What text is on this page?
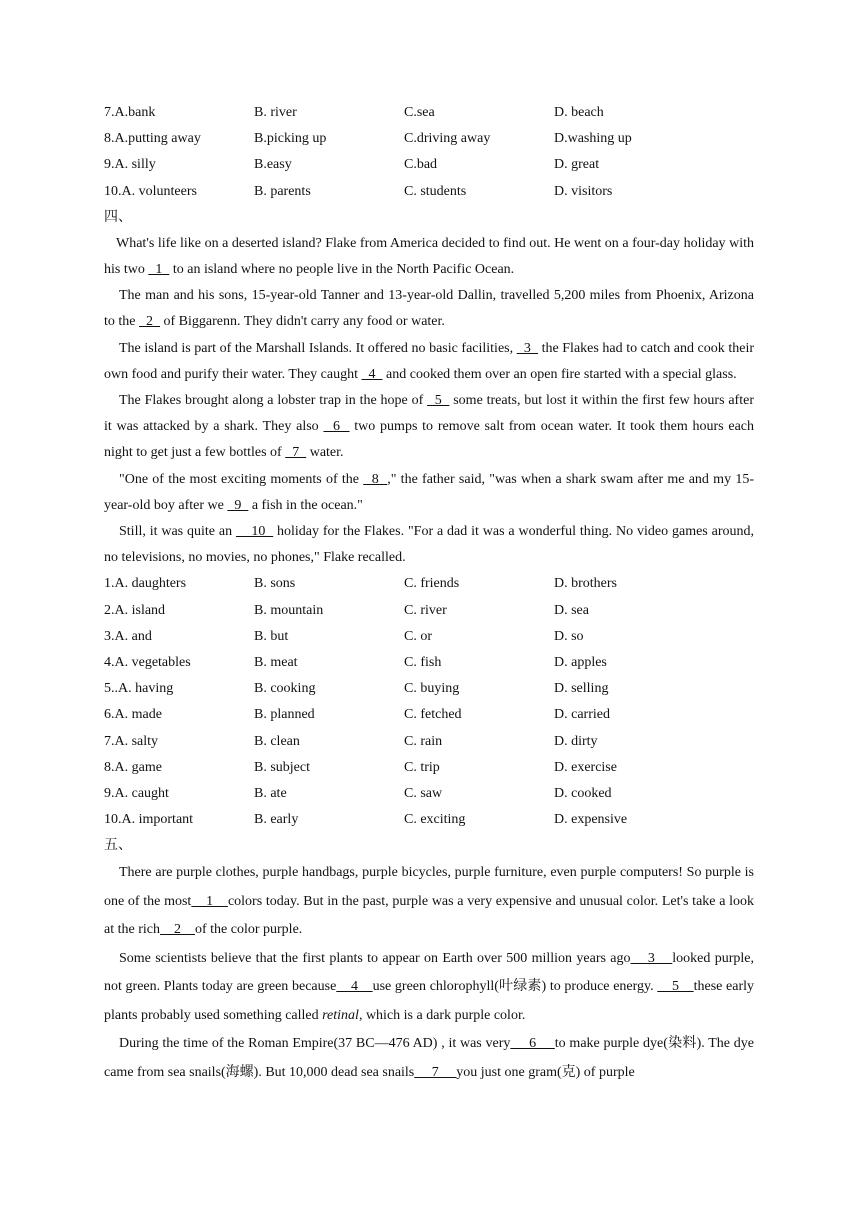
7.A.bank	B. river	C.sea	D. beach
8.A.putting away	B.picking up	C.driving away	D.washing up
9.A. silly	B.easy	C.bad	D. great
10.A. volunteers	B. parents	C. students	D. visitors
四、

What's life like on a deserted island? Flake from America decided to find out. He went on a four-day holiday with his two   1   to an island where no people live in the North Pacific Ocean.

The man and his sons, 15-year-old Tanner and 13-year-old Dallin, travelled 5,200 miles from Phoenix, Arizona to the   2   of Biggarenn. They didn't carry any food or water.

The island is part of the Marshall Islands. It offered no basic facilities,   3   the Flakes had to catch and cook their own food and purify their water. They caught   4   and cooked them over an open fire started with a special glass.

The Flakes brought along a lobster trap in the hope of   5   some treats, but lost it within the first few hours after it was attacked by a shark. They also   6   two pumps to remove salt from ocean water. It took them hours each night to get just a few bottles of   7   water.

"One of the most exciting moments of the   8  ," the father said, "was when a shark swam after me and my 15-year-old boy after we   9   a fish in the ocean."

Still, it was quite an     10   holiday for the Flakes. "For a dad it was a wonderful thing. No video games around, no televisions, no movies, no phones," Flake recalled.

1.A. daughters	B. sons	C. friends	D. brothers
2.A. island	B. mountain	C. river	D. sea
3.A. and	B. but	C. or	D. so
4.A. vegetables	B. meat	C. fish	D. apples
5..A. having	B. cooking	C. buying	D. selling
6.A. made	B. planned	C. fetched	D. carried
7.A. salty	B. clean	C. rain	D. dirty
8.A. game	B. subject	C. trip	D. exercise
9.A. caught	B. ate	C. saw	D. cooked
10.A. important	B. early	C. exciting	D. expensive
五、

There are purple clothes, purple handbags, purple bicycles, purple furniture, even purple computers! So purple is one of the most    1    colors today. But in the past, purple was a very expensive and unusual color. Let's take a look at the rich    2    of the color purple.

Some scientists believe that the first plants to appear on Earth over 500 million years ago    3    looked purple, not green. Plants today are green because    4    use green chlorophyll(叶绿素) to produce energy.     5    these early plants probably used something called retinal, which is a dark purple color.

During the time of the Roman Empire(37 BC—476 AD) , it was very     6     to make purple dye(染料). The dye came from sea snails(海螺). But 10,000 dead sea snails     7     you just one gram(克) of purple
